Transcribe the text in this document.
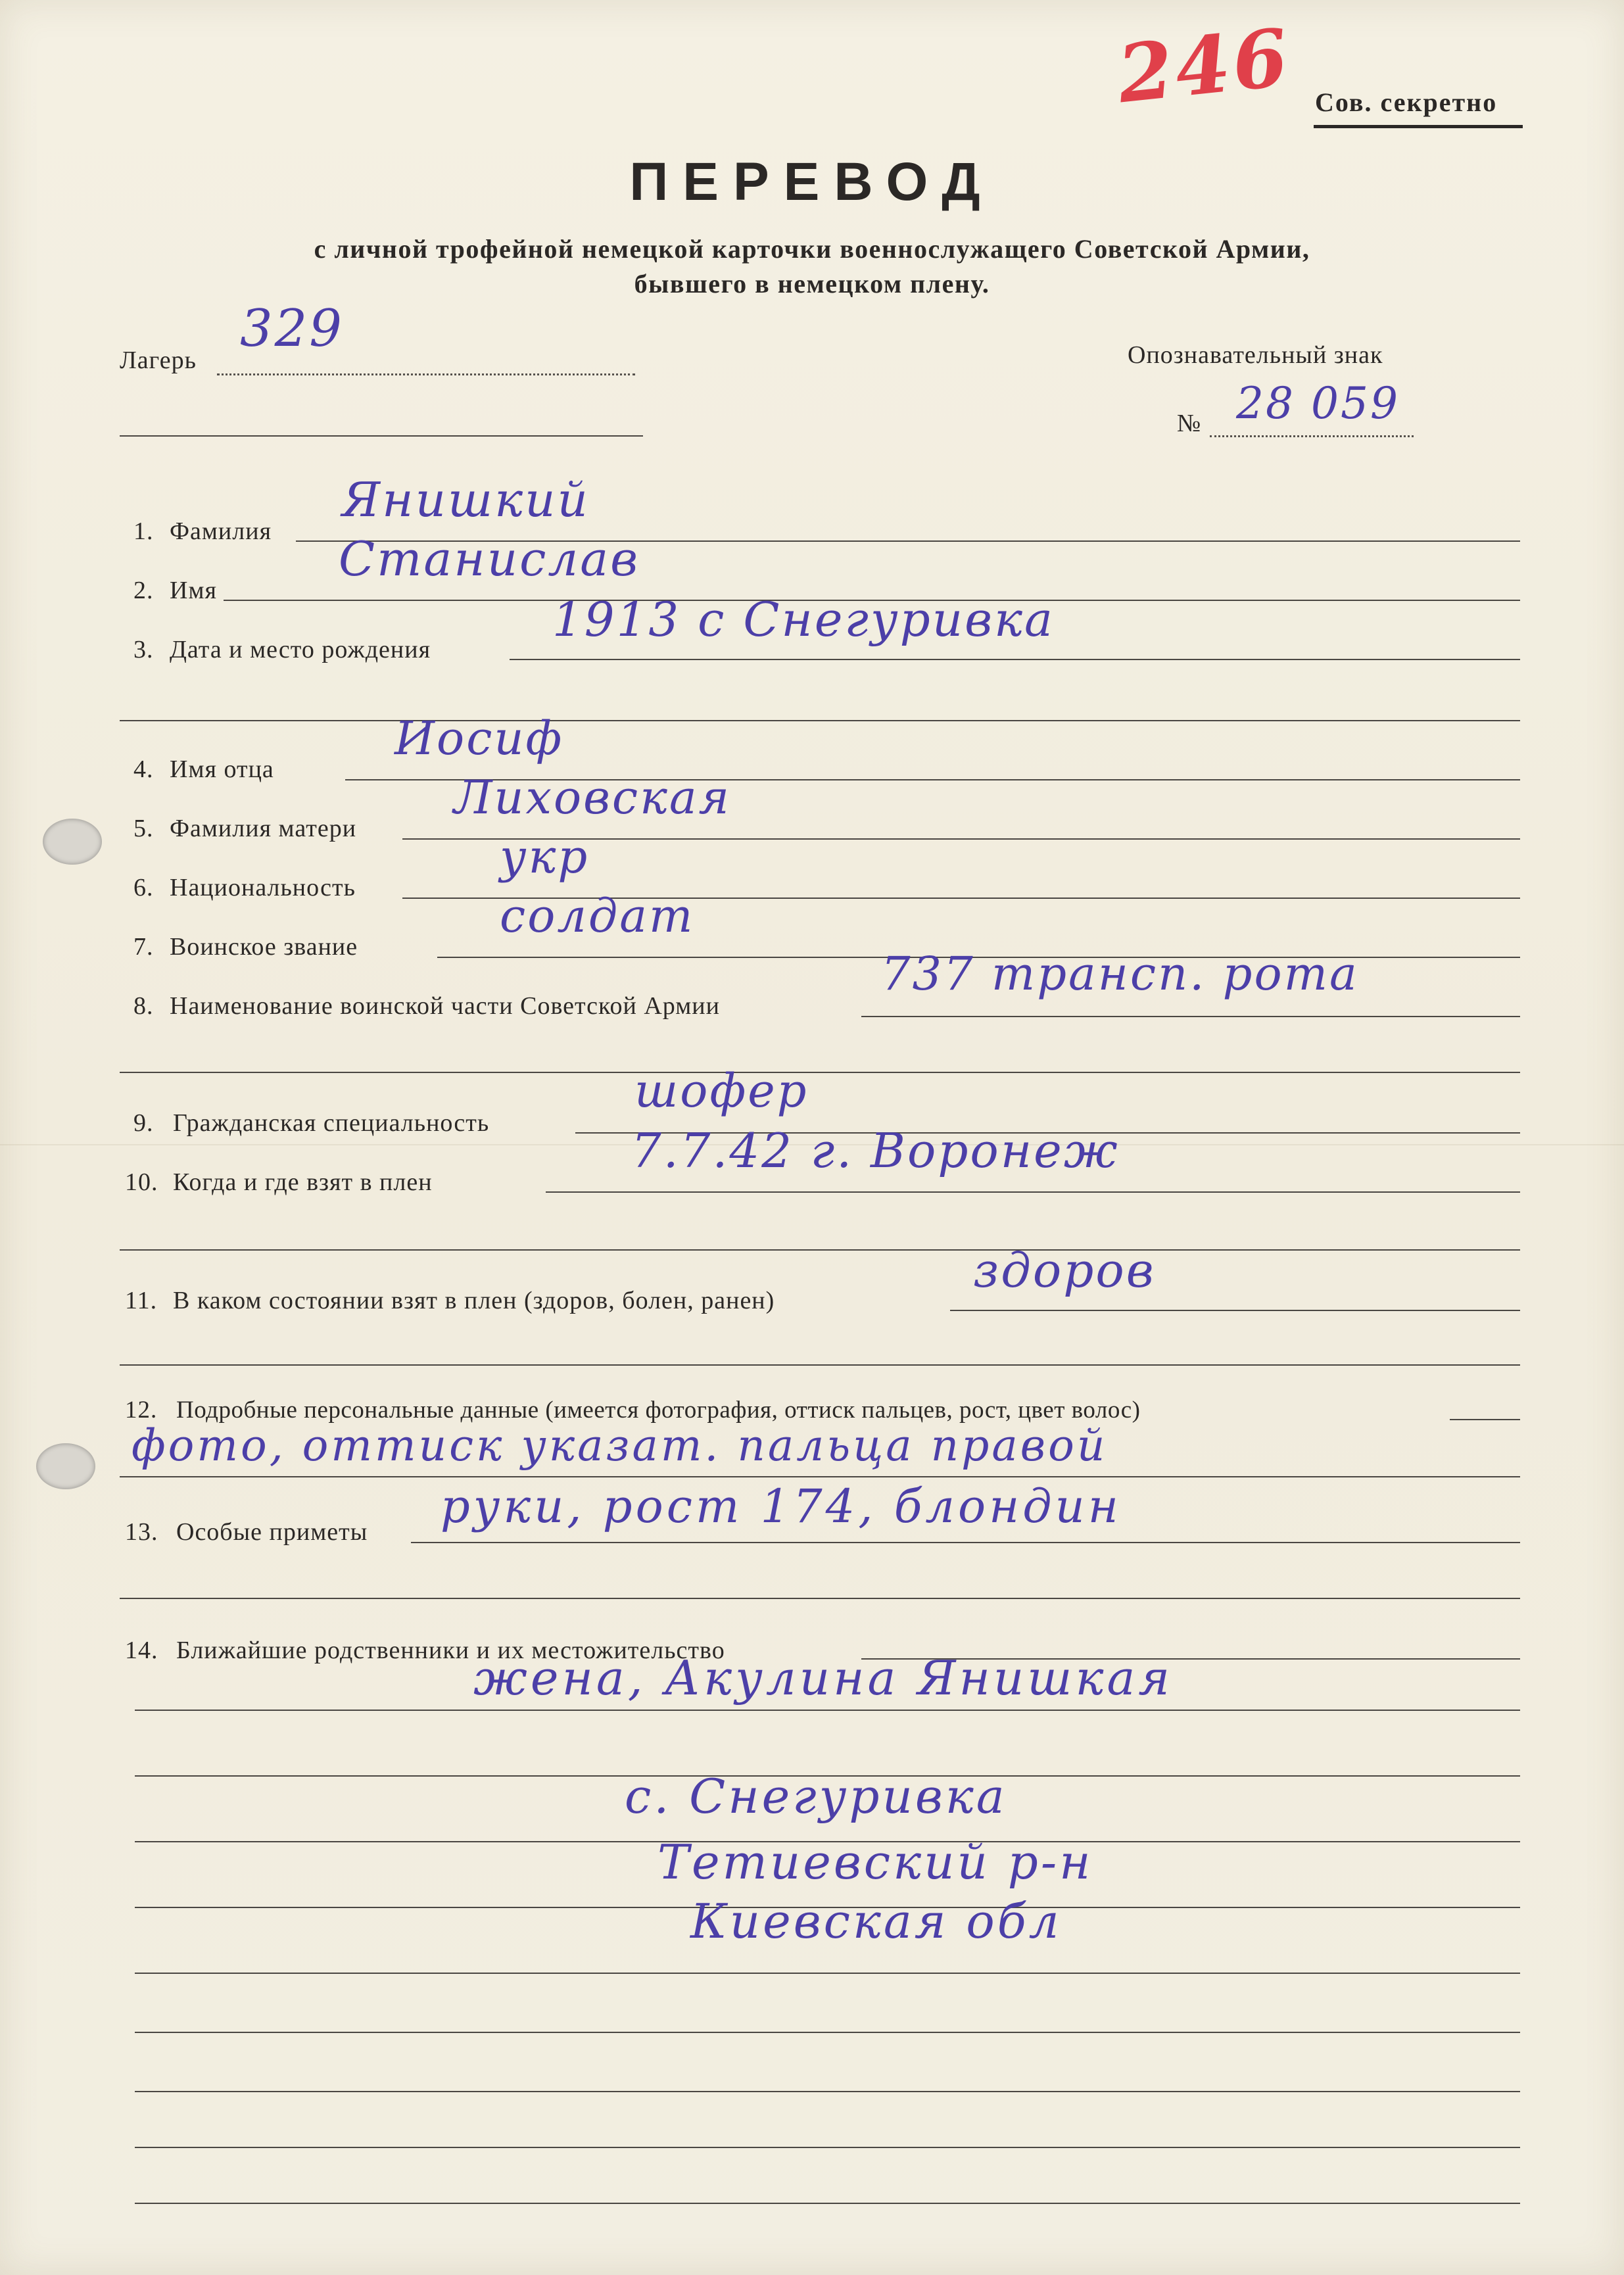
246 Сов. секретно
ПЕРЕВОД
с личной трофейной немецкой карточки военнослужащего Советской Армии,
бывшего в немецком плену.
Лагерь
329	Опознавательный знак
№ 28 059
1. Фамилия
Янишкий
2. Имя
Станислав
3. Дата и место рождения
1913 с Снегуривка
4. Имя отца
Иосиф
5. Фамилия матери
Лиховская
6. Национальность
укр
7. Воинское звание
солдат
8. Наименование воинской части Советской Армии
737 трансп. рота
9. Гражданская специальность
шофер
10. Когда и где взят в плен
7.7.42 г. Воронеж
11. В каком состоянии взят в плен (здоров, болен, ранен)
здоров
12. Подробные персональные данные (имеется фотография, оттиск пальцев, рост, цвет волос)
фото, оттиск указат. пальца правой
13. Особые приметы руки, рост 174, блондин
14. Ближайшие родственники и их местожительство
жена, Акулина Янишкая
с. Снегуривка
Тетиевский р-н
Киевская обл
